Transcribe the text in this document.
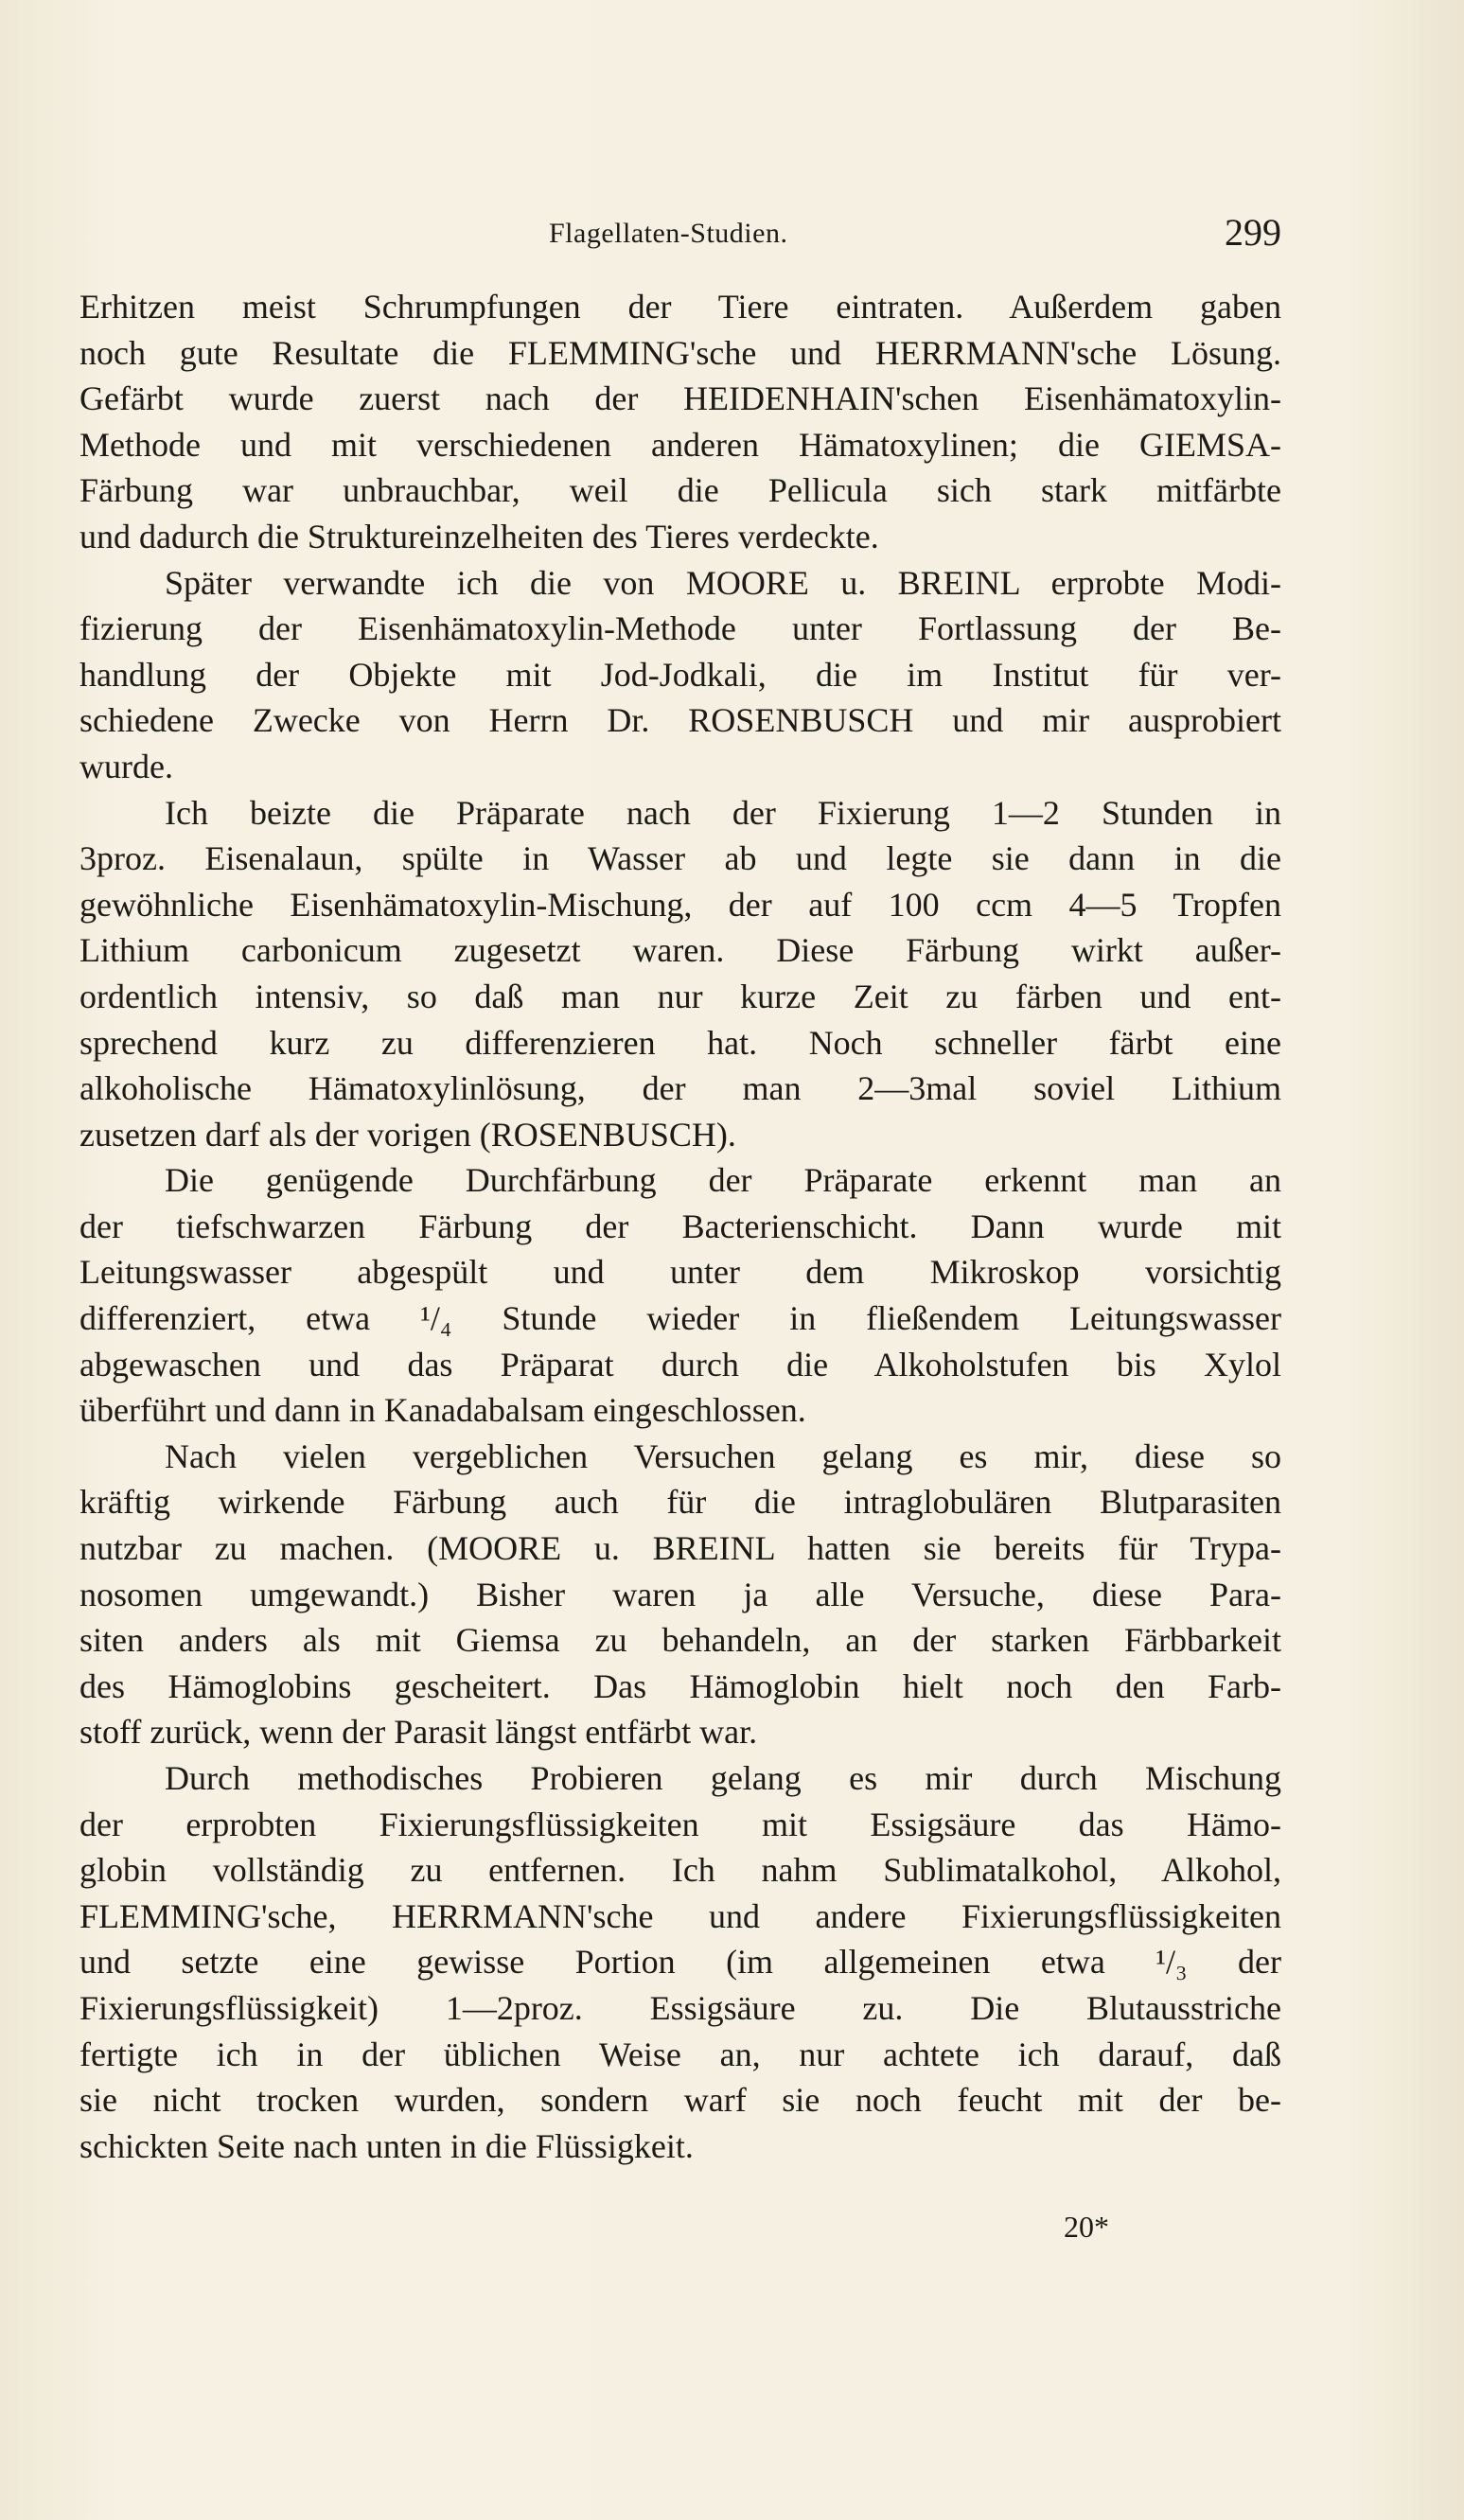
Flagellaten-Studien.	299
Erhitzen meist Schrumpfungen der Tiere eintraten. Außerdem gaben
noch gute Resultate die FLEMMING'sche und HERRMANN'sche Lösung.
Gefärbt wurde zuerst nach der HEIDENHAIN'schen Eisenhämatoxylin-
Methode und mit verschiedenen anderen Hämatoxylinen; die GIEMSA-
Färbung war unbrauchbar, weil die Pellicula sich stark mitfärbte
und dadurch die Struktureinzelheiten des Tieres verdeckte.
Später verwandte ich die von MOORE u. BREINL erprobte Modi-
fizierung der Eisenhämatoxylin-Methode unter Fortlassung der Be-
handlung der Objekte mit Jod-Jodkali, die im Institut für ver-
schiedene Zwecke von Herrn Dr. ROSENBUSCH und mir ausprobiert
wurde.
Ich beizte die Präparate nach der Fixierung 1—2 Stunden in
3proz. Eisenalaun, spülte in Wasser ab und legte sie dann in die
gewöhnliche Eisenhämatoxylin-Mischung, der auf 100 ccm 4—5 Tropfen
Lithium carbonicum zugesetzt waren. Diese Färbung wirkt außer-
ordentlich intensiv, so daß man nur kurze Zeit zu färben und ent-
sprechend kurz zu differenzieren hat. Noch schneller färbt eine
alkoholische Hämatoxylinlösung, der man 2—3mal soviel Lithium
zusetzen darf als der vorigen (ROSENBUSCH).
Die genügende Durchfärbung der Präparate erkennt man an
der tiefschwarzen Färbung der Bacterienschicht. Dann wurde mit
Leitungswasser abgespült und unter dem Mikroskop vorsichtig
differenziert, etwa ¹/₄ Stunde wieder in fließendem Leitungswasser
abgewaschen und das Präparat durch die Alkoholstufen bis Xylol
überführt und dann in Kanadabalsam eingeschlossen.
Nach vielen vergeblichen Versuchen gelang es mir, diese so
kräftig wirkende Färbung auch für die intraglobulären Blutparasiten
nutzbar zu machen. (MOORE u. BREINL hatten sie bereits für Trypa-
nosomen umgewandt.) Bisher waren ja alle Versuche, diese Para-
siten anders als mit Giemsa zu behandeln, an der starken Färbbarkeit
des Hämoglobins gescheitert. Das Hämoglobin hielt noch den Farb-
stoff zurück, wenn der Parasit längst entfärbt war.
Durch methodisches Probieren gelang es mir durch Mischung
der erprobten Fixierungsflüssigkeiten mit Essigsäure das Hämo-
globin vollständig zu entfernen. Ich nahm Sublimatalkohol, Alkohol,
FLEMMING'sche, HERRMANN'sche und andere Fixierungsflüssigkeiten
und setzte eine gewisse Portion (im allgemeinen etwa ¹/₃ der
Fixierungsflüssigkeit) 1—2proz. Essigsäure zu. Die Blutausstriche
fertigte ich in der üblichen Weise an, nur achtete ich darauf, daß
sie nicht trocken wurden, sondern warf sie noch feucht mit der be-
schickten Seite nach unten in die Flüssigkeit.
20*
